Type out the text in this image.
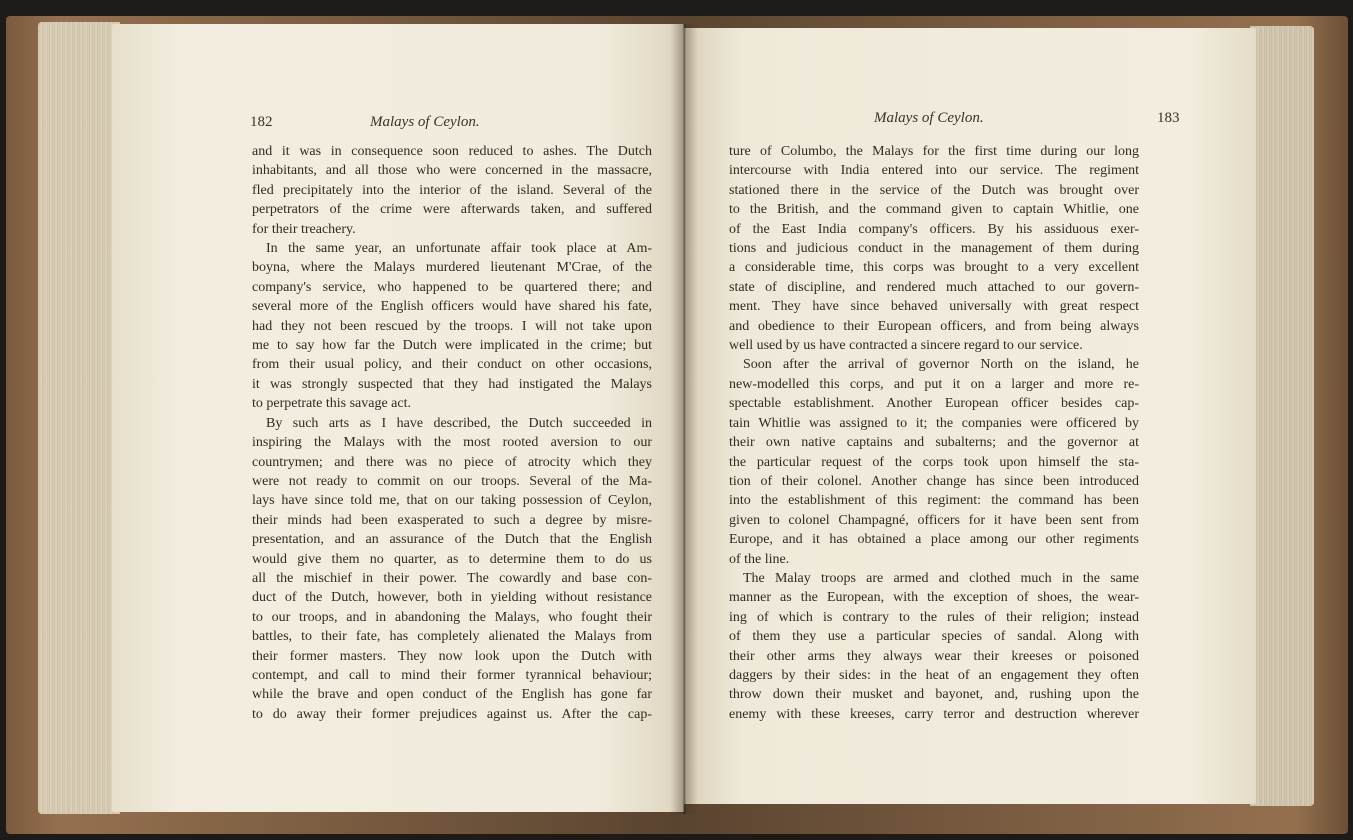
182	Malays of Ceylon.

and it was in consequence soon reduced to ashes. The Dutch

inhabitants, and all those who were concerned in the massacre,

fled precipitately into the interior of the island. Several of the

perpetrators of the crime were afterwards taken, and suffered

for their treachery.

In the same year, an unfortunate affair took place at Am-

boyna, where the Malays murdered lieutenant M'Crae, of the

company's service, who happened to be quartered there; and

several more of the English officers would have shared his fate,

had they not been rescued by the troops. I will not take upon

me to say how far the Dutch were implicated in the crime; but

from their usual policy, and their conduct on other occasions,

it was strongly suspected that they had instigated the Malays

to perpetrate this savage act.

By such arts as I have described, the Dutch succeeded in

inspiring the Malays with the most rooted aversion to our

countrymen; and there was no piece of atrocity which they

were not ready to commit on our troops. Several of the Ma-

lays have since told me, that on our taking possession of Ceylon,

their minds had been exasperated to such a degree by misre-

presentation, and an assurance of the Dutch that the English

would give them no quarter, as to determine them to do us

all the mischief in their power. The cowardly and base con-

duct of the Dutch, however, both in yielding without resistance

to our troops, and in abandoning the Malays, who fought their

battles, to their fate, has completely alienated the Malays from

their former masters. They now look upon the Dutch with

contempt, and call to mind their former tyrannical behaviour;

while the brave and open conduct of the English has gone far

to do away their former prejudices against us. After the cap-

Malays of Ceylon.	183

ture of Columbo, the Malays for the first time during our long

intercourse with India entered into our service. The regiment

stationed there in the service of the Dutch was brought over

to the British, and the command given to captain Whitlie, one

of the East India company's officers. By his assiduous exer-

tions and judicious conduct in the management of them during

a considerable time, this corps was brought to a very excellent

state of discipline, and rendered much attached to our govern-

ment. They have since behaved universally with great respect

and obedience to their European officers, and from being always

well used by us have contracted a sincere regard to our service.

Soon after the arrival of governor North on the island, he

new-modelled this corps, and put it on a larger and more re-

spectable establishment. Another European officer besides cap-

tain Whitlie was assigned to it; the companies were officered by

their own native captains and subalterns; and the governor at

the particular request of the corps took upon himself the sta-

tion of their colonel. Another change has since been introduced

into the establishment of this regiment: the command has been

given to colonel Champagné, officers for it have been sent from

Europe, and it has obtained a place among our other regiments

of the line.

The Malay troops are armed and clothed much in the same

manner as the European, with the exception of shoes, the wear-

ing of which is contrary to the rules of their religion; instead

of them they use a particular species of sandal. Along with

their other arms they always wear their kreeses or poisoned

daggers by their sides: in the heat of an engagement they often

throw down their musket and bayonet, and, rushing upon the

enemy with these kreeses, carry terror and destruction wherever
